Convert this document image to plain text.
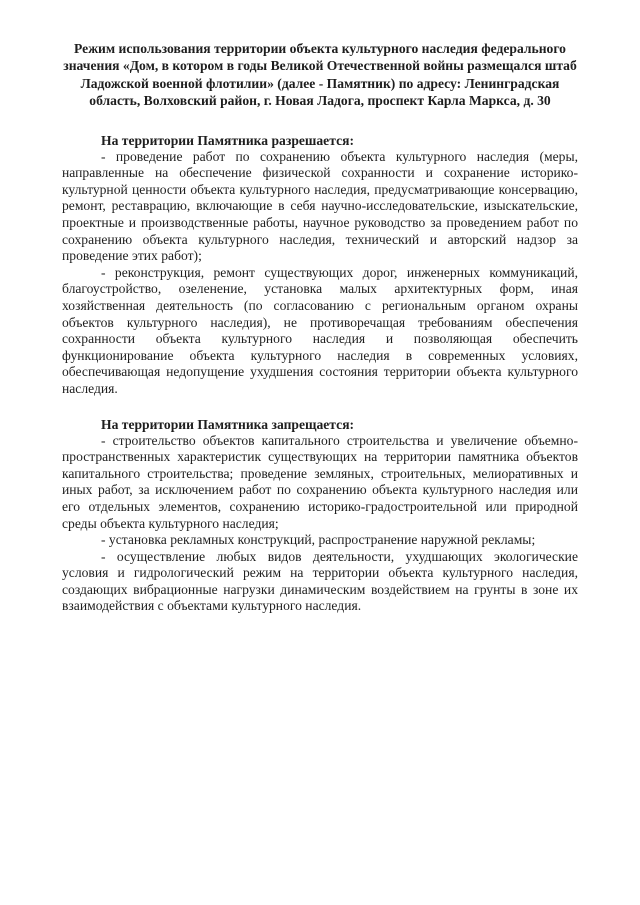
Режим использования территории объекта культурного наследия федерального значения «Дом, в котором в годы Великой Отечественной войны размещался штаб Ладожской военной флотилии» (далее - Памятник) по адресу: Ленинградская область, Волховский район, г. Новая Ладога, проспект Карла Маркса, д. 30

На территории Памятника разрешается:

- проведение работ по сохранению объекта культурного наследия (меры, направленные на обеспечение физической сохранности и сохранение историко-культурной ценности объекта культурного наследия, предусматривающие консервацию, ремонт, реставрацию, включающие в себя научно-исследовательские, изыскательские, проектные и производственные работы, научное руководство за проведением работ по сохранению объекта культурного наследия, технический и авторский надзор за проведение этих работ);

- реконструкция, ремонт существующих дорог, инженерных коммуникаций, благоустройство, озеленение, установка малых архитектурных форм, иная хозяйственная деятельность (по согласованию с региональным органом охраны объектов культурного наследия), не противоречащая требованиям обеспечения сохранности объекта культурного наследия и позволяющая обеспечить функционирование объекта культурного наследия в современных условиях, обеспечивающая недопущение ухудшения состояния территории объекта культурного наследия.

На территории Памятника запрещается:

- строительство объектов капитального строительства и увеличение объемно-пространственных характеристик существующих на территории памятника объектов капитального строительства; проведение земляных, строительных, мелиоративных и иных работ, за исключением работ по сохранению объекта культурного наследия или его отдельных элементов, сохранению историко-градостроительной или природной среды объекта культурного наследия;

- установка рекламных конструкций, распространение наружной рекламы;

- осуществление любых видов деятельности, ухудшающих экологические условия и гидрологический режим на территории объекта культурного наследия, создающих вибрационные нагрузки динамическим воздействием на грунты в зоне их взаимодействия с объектами культурного наследия.
